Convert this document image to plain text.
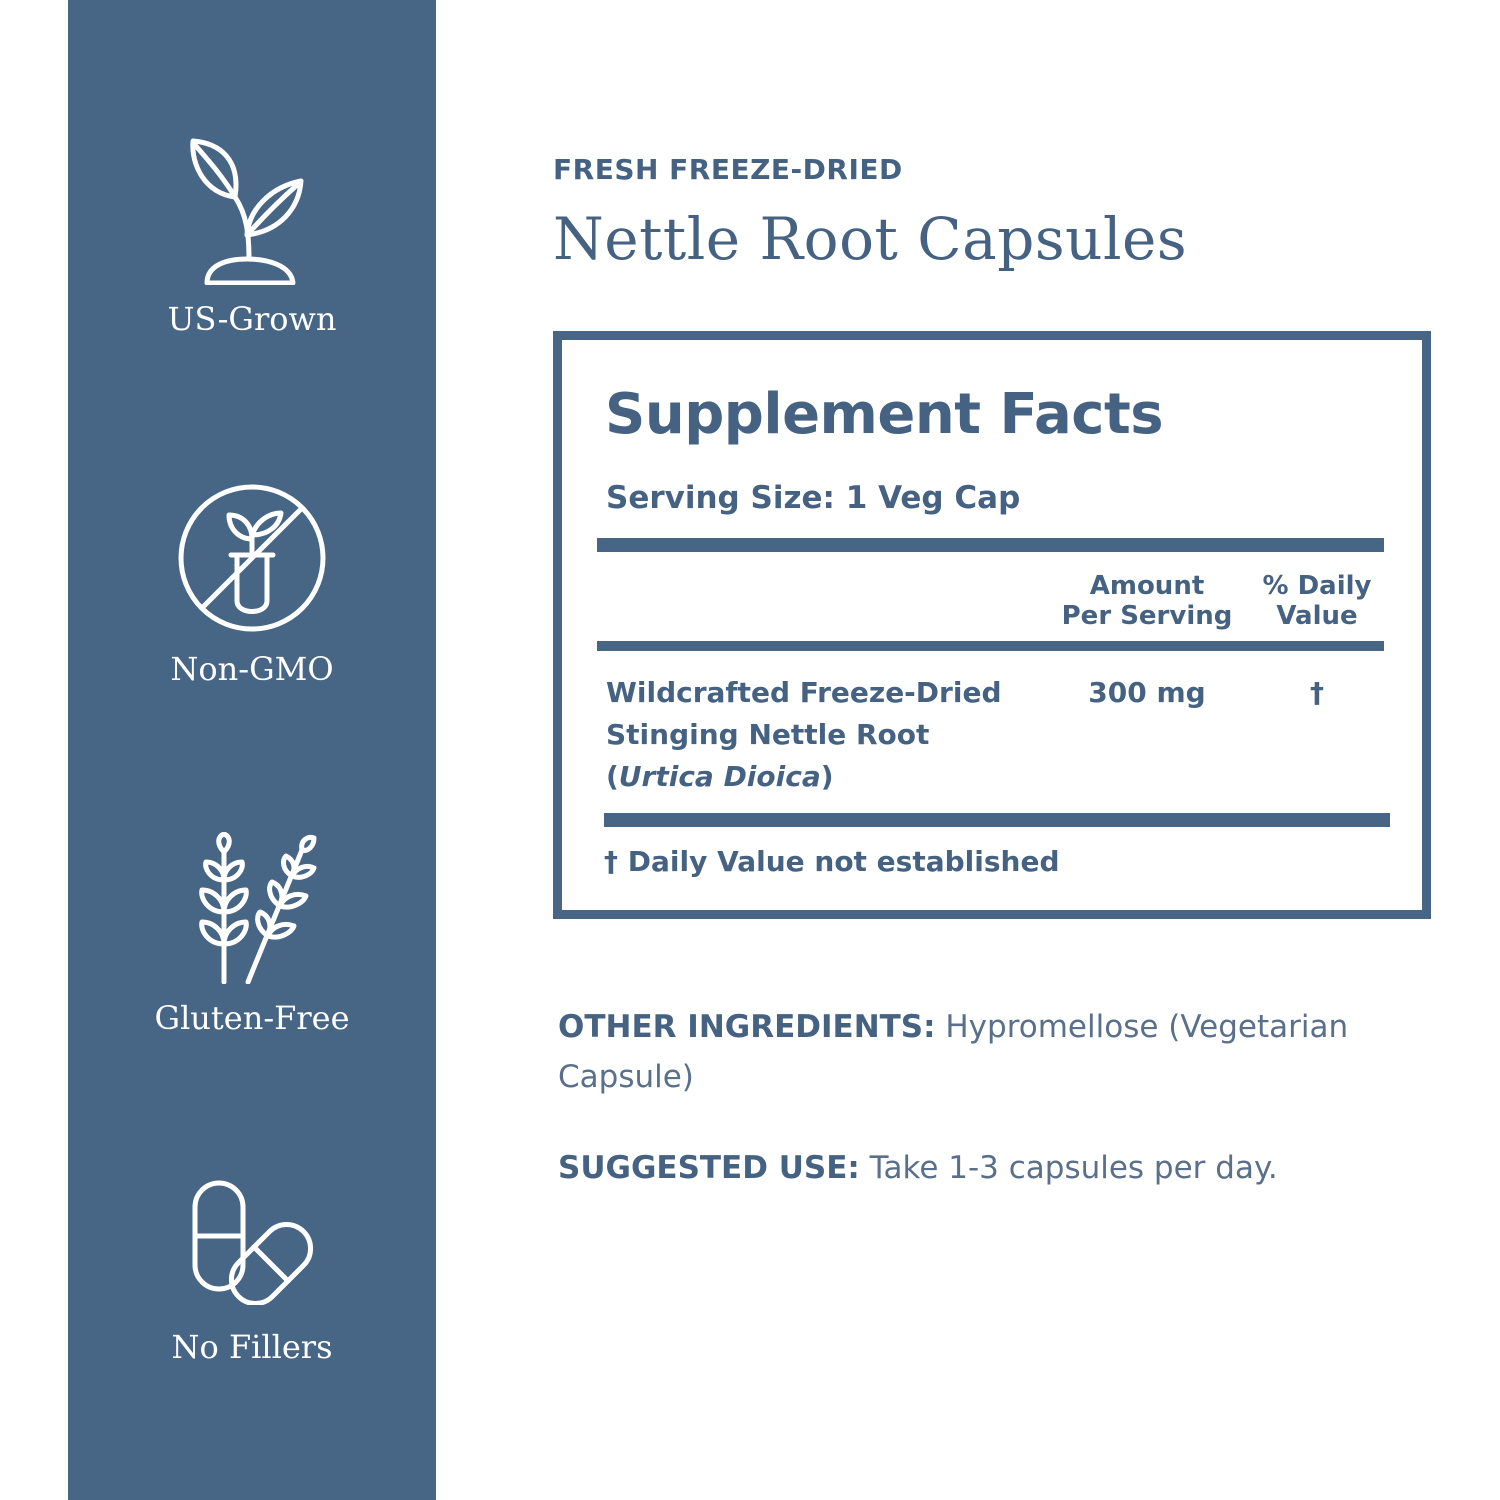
US-Grown
Non-GMO
Gluten-Free
No Fillers
FRESH FREEZE-DRIED
Nettle Root Capsules
Supplement Facts
Serving Size: 1 Veg Cap
Amount
Per Serving
% Daily
Value
Wildcrafted Freeze-Dried
Stinging Nettle Root
(Urtica Dioica)
300 mg	†
† Daily Value not established
OTHER INGREDIENTS: Hypromellose (Vegetarian Capsule)
SUGGESTED USE: Take 1-3 capsules per day.
